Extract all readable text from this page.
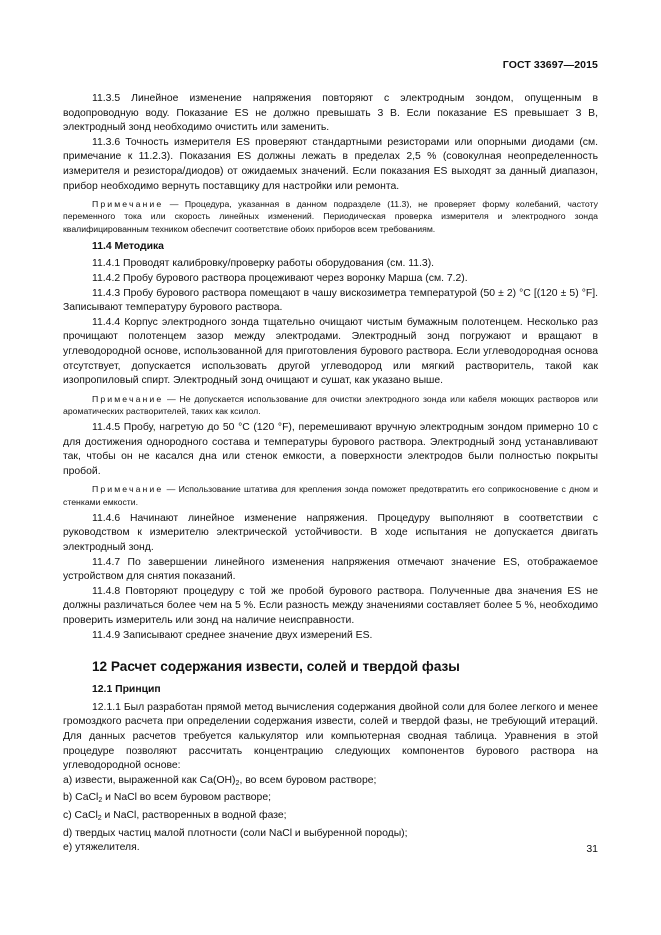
ГОСТ 33697—2015

11.3.5 Линейное изменение напряжения повторяют с электродным зондом, опущенным в водопроводную воду. Показание ES не должно превышать 3 В. Если показание ES превышает 3 В, электродный зонд необходимо очистить или заменить.

11.3.6 Точность измерителя ES проверяют стандартными резисторами или опорными диодами (см. примечание к 11.2.3). Показания ES должны лежать в пределах 2,5 % (совокулная неопределенность измерителя и резистора/диодов) от ожидаемых значений. Если показания ES выходят за данный диапазон, прибор необходимо вернуть поставщику для настройки или ремонта.

Примечание — Процедура, указанная в данном подразделе (11.3), не проверяет форму колебаний, частоту переменного тока или скорость линейных изменений. Периодическая проверка измерителя и электродного зонда квалифицированным техником обеспечит соответствие обоих приборов всем требованиям.

11.4 Методика

11.4.1 Проводят калибровку/проверку работы оборудования (см. 11.3).

11.4.2 Пробу бурового раствора процеживают через воронку Марша (см. 7.2).

11.4.3 Пробу бурового раствора помещают в чашу вискозиметра температурой (50 ± 2) °С [(120 ± 5) °F]. Записывают температуру бурового раствора.

11.4.4 Корпус электродного зонда тщательно очищают чистым бумажным полотенцем. Несколько раз прочищают полотенцем зазор между электродами. Электродный зонд погружают и вращают в углеводородной основе, использованной для приготовления бурового раствора. Если углеводородная основа отсутствует, допускается использовать другой углеводород или мягкий растворитель, такой как изопропиловый спирт. Электродный зонд очищают и сушат, как указано выше.

Примечание — Не допускается использование для очистки электродного зонда или кабеля моющих растворов или ароматических растворителей, таких как ксилол.

11.4.5 Пробу, нагретую до 50 °С (120 °F), перемешивают вручную электродным зондом примерно 10 с для достижения однородного состава и температуры бурового раствора. Электродный зонд устанавливают так, чтобы он не касался дна или стенок емкости, а поверхности электродов были полностью покрыты пробой.

Примечание — Использование штатива для крепления зонда поможет предотвратить его соприкосновение с дном и стенками емкости.

11.4.6 Начинают линейное изменение напряжения. Процедуру выполняют в соответствии с руководством к измерителю электрической устойчивости. В ходе испытания не допускается двигать электродный зонд.

11.4.7 По завершении линейного изменения напряжения отмечают значение ES, отображаемое устройством для снятия показаний.

11.4.8 Повторяют процедуру с той же пробой бурового раствора. Полученные два значения ES не должны различаться более чем на 5 %. Если разность между значениями составляет более 5 %, необходимо проверить измеритель или зонд на наличие неисправности.

11.4.9 Записывают среднее значение двух измерений ES.

12 Расчет содержания извести, солей и твердой фазы

12.1 Принцип

12.1.1 Был разработан прямой метод вычисления содержания двойной соли для более легкого и менее громоздкого расчета при определении содержания извести, солей и твердой фазы, не требующий итераций. Для данных расчетов требуется калькулятор или компьютерная сводная таблица. Уравнения в этой процедуре позволяют рассчитать концентрацию следующих компонентов бурового раствора на углеводородной основе:

а) извести, выраженной как $Са(ОН)_2$, во всем буровом растворе;

b) СаСl$_2$ и NaCl во всем буровом растворе;

с) СаСl$_2$ и NaCl, растворенных в водной фазе;

d) твердых частиц малой плотности (соли NaCl и выбуренной породы);

е) утяжелителя.	31
